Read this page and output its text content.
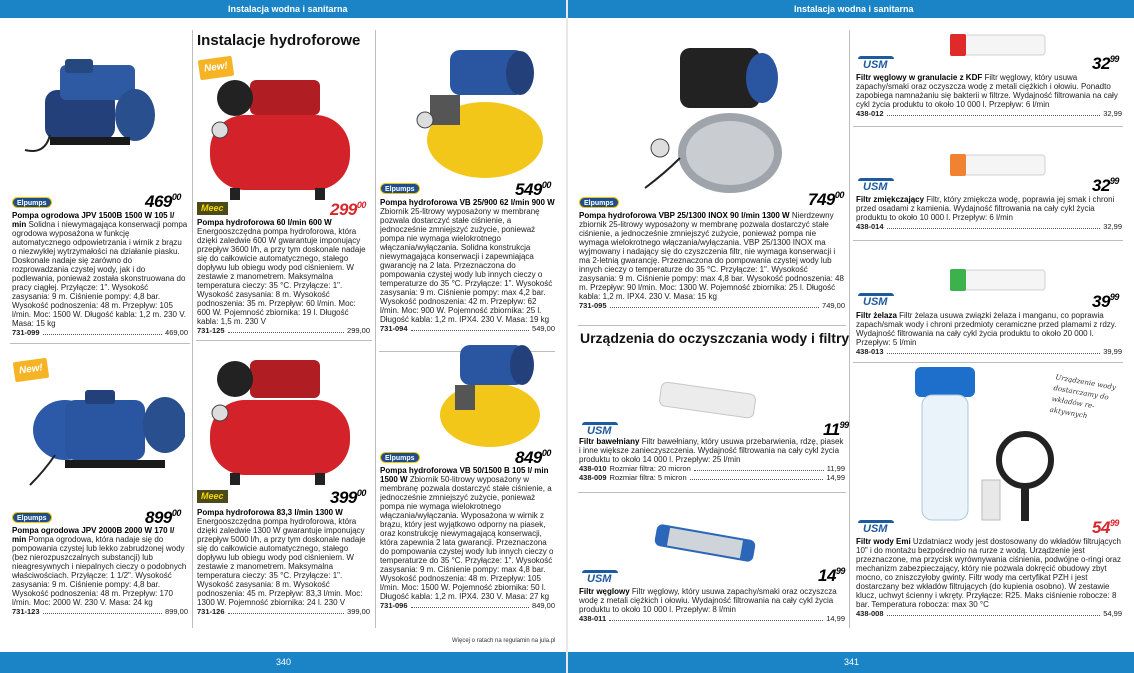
Instalacja wodna i sanitarna	Instalacja wodna i sanitarna
340	341
Instalacje hydroforowe
Urządzenia do oczyszczania wody i filtry
New!
New!
Elpumps
Elpumps
Elpumps
Elpumps
Elpumps
Meec
Meec
USM
USM
USM
USM
USM
USM
$469^{00}$
$899^{00}$
$299^{00}$
$399^{00}$
$549^{00}$
$849^{00}$
$749^{00}$
$11^{99}$
$14^{99}$
$32^{99}$
$32^{99}$
$39^{99}$
$54^{99}$
Pompa ogrodowa JPV 1500B 1500 W 105 l/ min Solidna i niewymagająca konserwacji pompa ogrodowa wyposażona w funkcję automatycznego odpowietrzania i wirnik z brązu o niezwykłej wytrzymałości na działanie piasku. Doskonale nadaje się zarówno do rozprowadzania czystej wody, jak i do podlewania, ponieważ została skonstruowana do pracy ciągłej. Przyłącze: 1". Wysokość zasysania: 9 m. Ciśnienie pompy: 4,8 bar. Wysokość podnoszenia: 48 m. Przepływ: 105 l/min. Moc: 1500 W. Długość kabla: 1,2 m. 230 V. Masa: 15 kg
731-099	469,00
Pompa ogrodowa JPV 2000B 2000 W 170 l/ min Pompa ogrodowa, która nadaje się do pompowania czystej lub lekko zabrudzonej wody (bez nierozpuszczalnych substancji) lub nieagresywnych i niepalnych cieczy o podobnych właściwościach. Przyłącze: 1 1/2". Wysokość zasysania: 9 m. Ciśnienie pompy: 4,8 bar. Wysokość podnoszenia: 48 m. Przepływ: 170 l/min. Moc: 2000 W. 230 V. Masa: 24 kg
731-123	899,00
Pompa hydroforowa 60 l/min 600 W Energooszczędna pompa hydroforowa, która dzięki zaledwie 600 W gwarantuje imponujący przepływ 3600 l/h, a przy tym doskonale nadaje się do całkowicie automatycznego, stałego dopływu lub obiegu wody pod ciśnieniem. W zestawie z manometrem. Maksymalna temperatura cieczy: 35 °C. Przyłącze: 1". Wysokość zasysania: 8 m. Wysokość podnoszenia: 35 m. Przepływ: 60 l/min. Moc: 600 W. Pojemność zbiornika: 19 l. Długość kabla: 1,5 m. 230 V
731-125	299,00
Pompa hydroforowa 83,3 l/min 1300 W Energooszczędna pompa hydroforowa, która dzięki zaledwie 1300 W gwarantuje imponujący przepływ 5000 l/h, a przy tym doskonale nadaje się do całkowicie automatycznego, stałego dopływu lub obiegu wody pod ciśnieniem. W zestawie z manometrem. Maksymalna temperatura cieczy: 35 °C. Przyłącze: 1". Wysokość zasysania: 8 m. Wysokość podnoszenia: 45 m. Przepływ: 83,3 l/min. Moc: 1300 W. Pojemność zbiornika: 24 l. 230 V
731-126	399,00
Pompa hydroforowa VB 25/900 62 l/min 900 W Zbiornik 25-litrowy wyposażony w membranę pozwala dostarczyć stałe ciśnienie, a jednocześnie zmniejszyć zużycie, ponieważ pompa nie wymaga wielokrotnego włączania/wyłączania. Solidna konstrukcja niewymagająca konserwacji i zapewniająca gwarancję na 2 lata. Przeznaczona do pompowania czystej wody lub innych cieczy o temperaturze do 35 °C. Przyłącze: 1". Wysokość zasysania: 9 m. Ciśnienie pompy: max 4,2 bar. Wysokość podnoszenia: 42 m. Przepływ: 62 l/min. Moc: 900 W. Pojemność zbiornika: 25 l. Długość kabla: 1,2 m. IPX4. 230 V. Masa: 19 kg
731-094	549,00
Pompa hydroforowa VB 50/1500 B 105 l/ min 1500 W Zbiornik 50-litrowy wyposażony w membranę pozwala dostarczyć stałe ciśnienie, a jednocześnie zmniejszyć zużycie, ponieważ pompa nie wymaga wielokrotnego włączania/wyłączania. Wyposażona w wirnik z brązu, który jest wyjątkowo odporny na piasek, oraz konstrukcję niewymagającą konserwacji, która zapewnia 2 lata gwarancji. Przeznaczona do pompowania czystej wody lub innych cieczy o temperaturze do 35 °C. Przyłącze: 1". Wysokość zasysania: 9 m. Ciśnienie pompy: max 4,8 bar. Wysokość podnoszenia: 48 m. Przepływ: 105 l/min. Moc: 1500 W. Pojemność zbiornika: 50 l. Długość kabla: 1,2 m. IPX4. 230 V. Masa: 27 kg
731-096	849,00
Pompa hydroforowa VBP 25/1300 INOX 90 l/min 1300 W Nierdzewny zbiornik 25-litrowy wyposażony w membranę pozwala dostarczyć stałe ciśnienie, a jednocześnie zmniejszyć zużycie, ponieważ pompa nie wymaga wielokrotnego włączania/wyłączania. VBP 25/1300 INOX ma wyjmowany i nadający się do czyszczenia filtr, nie wymaga konserwacji i ma 2-letnią gwarancję. Przeznaczona do pompowania czystej wody lub innych cieczy o temperaturze do 35 °C. Przyłącze: 1". Wysokość zasysania: 9 m. Ciśnienie pompy: max 4,8 bar. Wysokość podnoszenia: 48 m. Przepływ: 90 l/min. Moc: 1300 W. Pojemność zbiornika: 25 l. Długość kabla: 1,2 m. IPX4. 230 V. Masa: 15 kg
731-095	749,00
Filtr bawełniany Filtr bawełniany, który usuwa przebarwienia, rdzę, piasek i inne większe zanieczyszczenia. Wydajność filtrowania na cały cykl życia produktu to około 14 000 l. Przepływ: 25 l/min
438-010 Rozmiar filtra: 20 micron	11,99
438-009 Rozmiar filtra: 5 micron	14,99
Filtr węglowy Filtr węglowy, który usuwa zapachy/smaki oraz oczyszcza wodę z metali ciężkich i ołowiu. Wydajność filtrowania na cały cykl życia produktu to około 10 000 l. Przepływ: 8 l/min
438-011	14,99
Filtr węglowy w granulacie z KDF Filtr węglowy, który usuwa zapachy/smaki oraz oczyszcza wodę z metali ciężkich i ołowiu. Ponadto zapobiega namnażaniu się bakterii w filtrze. Wydajność filtrowania na cały cykl życia produktu to około 10 000 l. Przepływ: 6 l/min
438-012	32,99
Filtr zmiękczający Filtr, który zmiękcza wodę, poprawia jej smak i chroni przed osadami z kamienia. Wydajność filtrowania na cały cykl życia produktu to około 10 000 l. Przepływ: 6 l/min
438-014	32,99
Filtr żelaza Filtr żelaza usuwa związki żelaza i manganu, co poprawia zapach/smak wody i chroni przedmioty ceramiczne przed plamami z rdzy. Wydajność filtrowania na cały cykl życia produktu to około 20 000 l. Przepływ: 5 l/min
438-013	39,99
Filtr wody Emi Uzdatniacz wody jest dostosowany do wkładów filtrujących 10" i do montażu bezpośrednio na rurze z wodą. Urządzenie jest przeznaczone, ma przycisk wyrównywania ciśnienia, podwójne o-ringi oraz mechanizm zabezpieczający, który nie pozwala dokręcić obudowy zbyt mocno, co zniszczyłoby gwinty. Filtr wody ma certyfikat PZH i jest dostarczany bez wkładów filtrujących (do kupienia osobno). W zestawie klucz, uchwyt ścienny i wkręty. Przyłącze: R25. Maks ciśnienie robocze: 8 bar. Temperatura robocza: max 30 °C
438-008	54,99
Urządzenie wody dostarczamy do wkładów re-aktywnych
Więcej o ratach na regulamin na jula.pl
